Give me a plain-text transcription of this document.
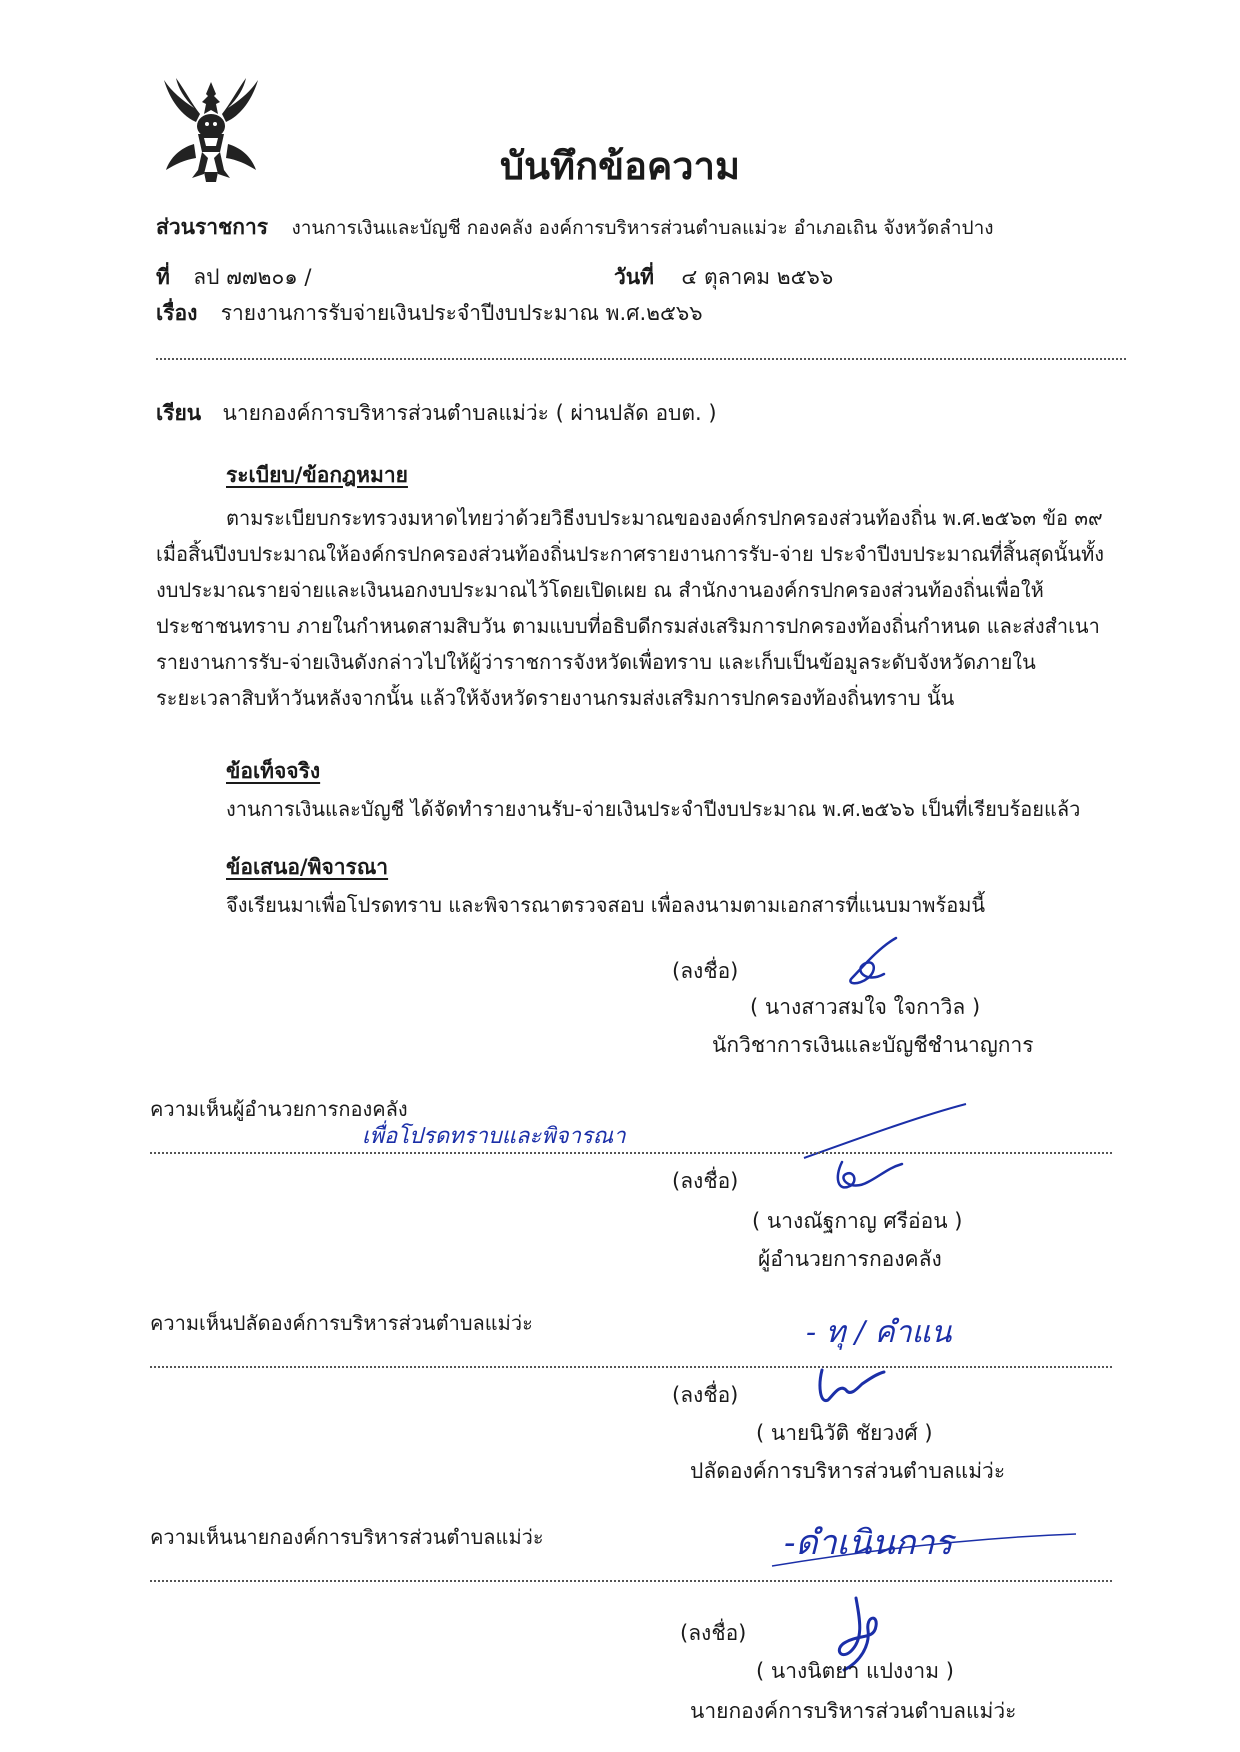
บันทึกข้อความ
ส่วนราชการ งานการเงินและบัญชี กองคลัง องค์การบริหารส่วนตำบลแม่วะ อำเภอเถิน จังหวัดลำปาง
ที่ ลป ๗๗๒๐๑ /	วันที่ ๔ ตุลาคม ๒๕๖๖
เรื่อง รายงานการรับจ่ายเงินประจำปีงบประมาณ พ.ศ.๒๕๖๖
เรียน นายกองค์การบริหารส่วนตำบลแม่ว่ะ ( ผ่านปลัด อบต. )
ระเบียบ/ข้อกฎหมาย
ตามระเบียบกระทรวงมหาดไทยว่าด้วยวิธีงบประมาณขององค์กรปกครองส่วนท้องถิ่น พ.ศ.๒๕๖๓ ข้อ ๓๙
เมื่อสิ้นปีงบประมาณให้องค์กรปกครองส่วนท้องถิ่นประกาศรายงานการรับ-จ่าย ประจำปีงบประมาณที่สิ้นสุดนั้นทั้ง
งบประมาณรายจ่ายและเงินนอกงบประมาณไว้โดยเปิดเผย ณ สำนักงานองค์กรปกครองส่วนท้องถิ่นเพื่อให้
ประชาชนทราบ ภายในกำหนดสามสิบวัน ตามแบบที่อธิบดีกรมส่งเสริมการปกครองท้องถิ่นกำหนด และส่งสำเนา
รายงานการรับ-จ่ายเงินดังกล่าวไปให้ผู้ว่าราชการจังหวัดเพื่อทราบ และเก็บเป็นข้อมูลระดับจังหวัดภายใน
ระยะเวลาสิบห้าวันหลังจากนั้น แล้วให้จังหวัดรายงานกรมส่งเสริมการปกครองท้องถิ่นทราบ นั้น
ข้อเท็จจริง
งานการเงินและบัญชี ได้จัดทำรายงานรับ-จ่ายเงินประจำปีงบประมาณ พ.ศ.๒๕๖๖ เป็นที่เรียบร้อยแล้ว
ข้อเสนอ/พิจารณา
จึงเรียนมาเพื่อโปรดทราบ และพิจารณาตรวจสอบ เพื่อลงนามตามเอกสารที่แนบมาพร้อมนี้
(ลงชื่อ)
( นางสาวสมใจ ใจกาวิล )
นักวิชาการเงินและบัญชีชำนาญการ
ความเห็นผู้อำนวยการกองคลัง
เพื่อโปรดทราบและพิจารณา
(ลงชื่อ)
( นางณัฐกาญ ศรีอ่อน )
ผู้อำนวยการกองคลัง
ความเห็นปลัดองค์การบริหารส่วนตำบลแม่ว่ะ	- ทุ / คำแน
(ลงชื่อ)
( นายนิวัติ ชัยวงศ์ )
ปลัดองค์การบริหารส่วนตำบลแม่ว่ะ
ความเห็นนายกองค์การบริหารส่วนตำบลแม่ว่ะ	-ดำเนินการ
(ลงชื่อ)
( นางนิตยา แปงงาม )
นายกองค์การบริหารส่วนตำบลแม่ว่ะ
